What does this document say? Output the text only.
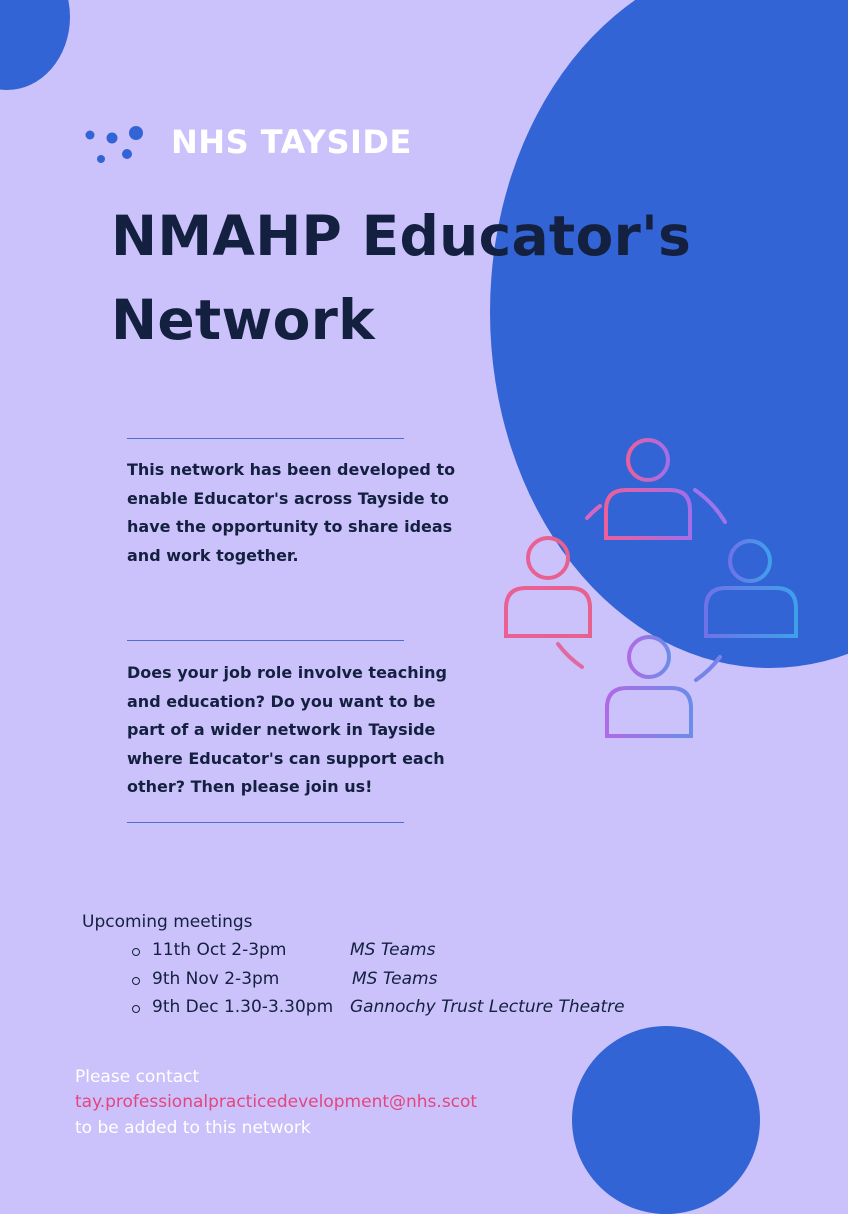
NHS TAYSIDE
NMAHP Educator's
Network
This network has been developed to enable Educator's across Tayside to have the opportunity to share ideas and work together.
Does your job role involve teaching and education? Do you want to be part of a wider network in Tayside where Educator's can support each other? Then please join us!
Upcoming meetings
11th Oct 2-3pm	MS Teams
9th Nov 2-3pm	MS Teams
9th Dec 1.30-3.30pm Gannochy Trust Lecture Theatre
Please contact
tay.professionalpracticedevelopment@nhs.scot
to be added to this network
